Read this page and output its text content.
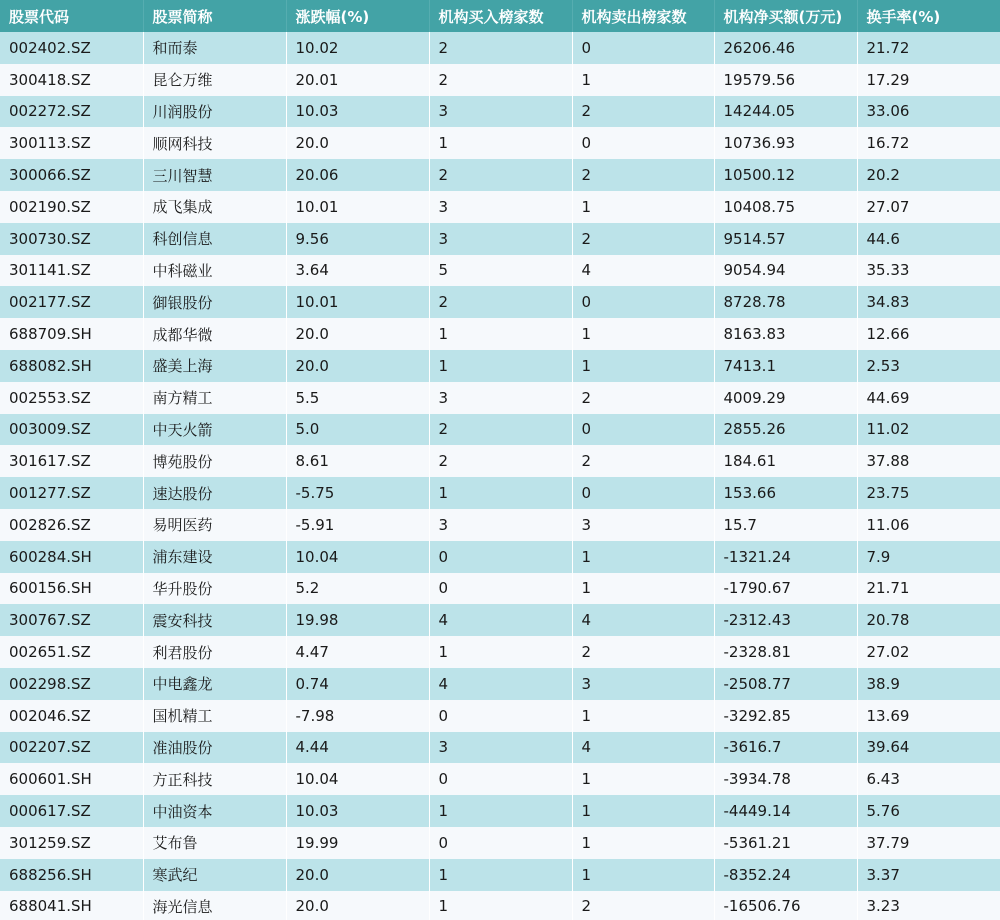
股票代码	股票简称	涨跌幅(%)	机构买入榜家数	机构卖出榜家数	机构净买额(万元)	换手率(%)
002402.SZ	和而泰	10.02	2	0	26206.46	21.72
300418.SZ	昆仑万维	20.01	2	1	19579.56	17.29
002272.SZ	川润股份	10.03	3	2	14244.05	33.06
300113.SZ	顺网科技	20.0	1	0	10736.93	16.72
300066.SZ	三川智慧	20.06	2	2	10500.12	20.2
002190.SZ	成飞集成	10.01	3	1	10408.75	27.07
300730.SZ	科创信息	9.56	3	2	9514.57	44.6
301141.SZ	中科磁业	3.64	5	4	9054.94	35.33
002177.SZ	御银股份	10.01	2	0	8728.78	34.83
688709.SH	成都华微	20.0	1	1	8163.83	12.66
688082.SH	盛美上海	20.0	1	1	7413.1	2.53
002553.SZ	南方精工	5.5	3	2	4009.29	44.69
003009.SZ	中天火箭	5.0	2	0	2855.26	11.02
301617.SZ	博苑股份	8.61	2	2	184.61	37.88
001277.SZ	速达股份	-5.75	1	0	153.66	23.75
002826.SZ	易明医药	-5.91	3	3	15.7	11.06
600284.SH	浦东建设	10.04	0	1	-1321.24	7.9
600156.SH	华升股份	5.2	0	1	-1790.67	21.71
300767.SZ	震安科技	19.98	4	4	-2312.43	20.78
002651.SZ	利君股份	4.47	1	2	-2328.81	27.02
002298.SZ	中电鑫龙	0.74	4	3	-2508.77	38.9
002046.SZ	国机精工	-7.98	0	1	-3292.85	13.69
002207.SZ	准油股份	4.44	3	4	-3616.7	39.64
600601.SH	方正科技	10.04	0	1	-3934.78	6.43
000617.SZ	中油资本	10.03	1	1	-4449.14	5.76
301259.SZ	艾布鲁	19.99	0	1	-5361.21	37.79
688256.SH	寒武纪	20.0	1	1	-8352.24	3.37
688041.SH	海光信息	20.0	1	2	-16506.76	3.23
